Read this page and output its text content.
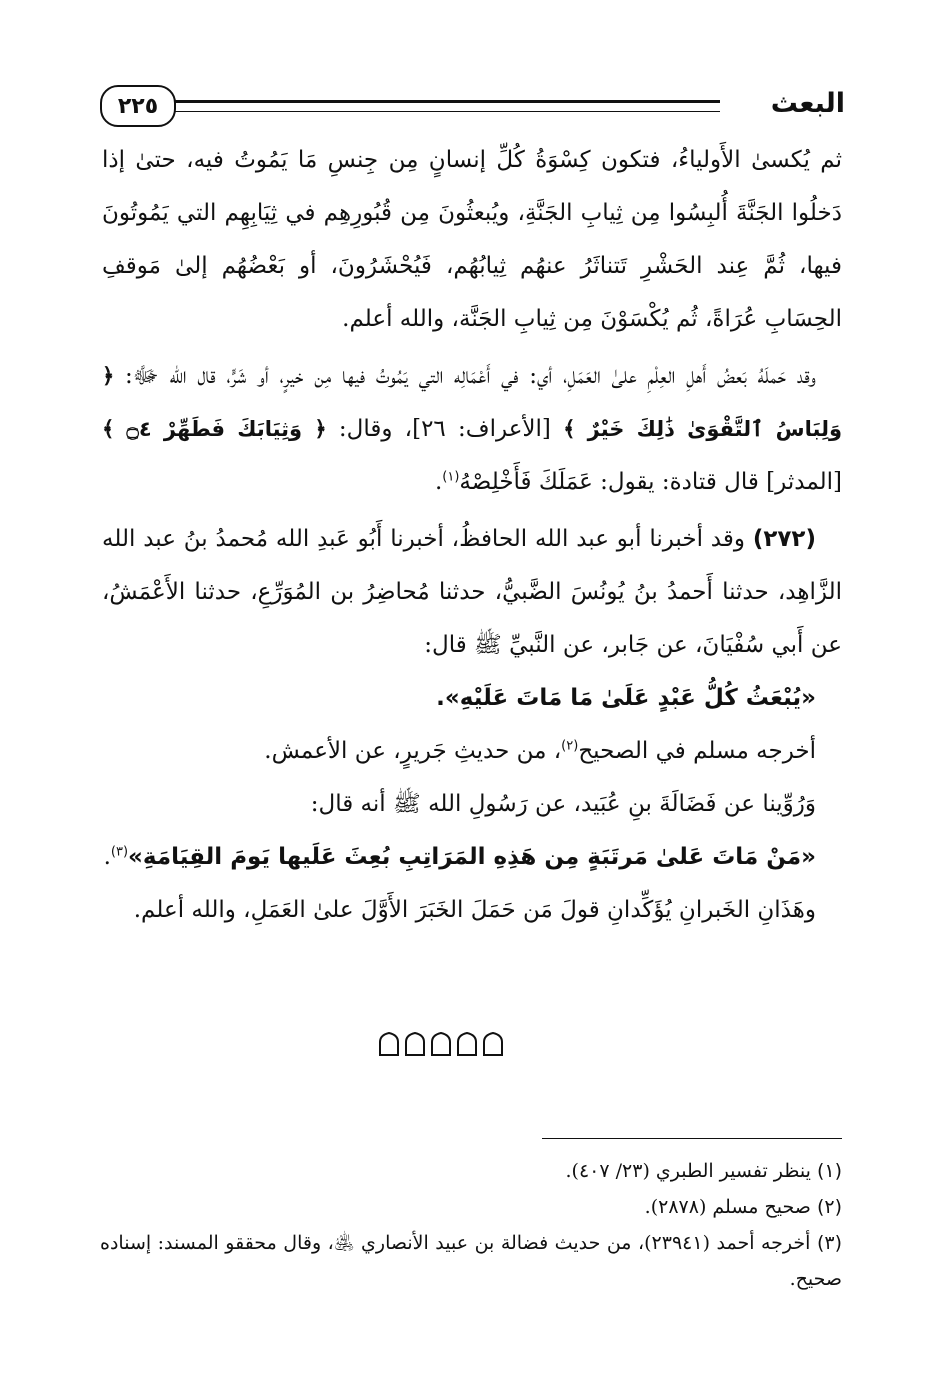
٢٢٥	البعث

ثم يُكسىٰ الأَولياءُ، فتكون كِسْوَةُ كُلِّ إنسانٍ مِن جِنسِ مَا يَمُوتُ فيه، حتىٰ إذا دَخلُوا الجَنَّةَ أُلبِسُوا مِن ثِيابِ الجَنَّةِ، ويُبعثُونَ مِن قُبُورِهِم في ثِيَابِهِم التي يَمُوتُونَ فيها، ثُمَّ عِند الحَشْرِ تَتناثَرُ عنهُم ثِيابُهُم، فَيُحْشَرُونَ، أو بَعْضُهُم إلىٰ مَوقفِ الحِسَابِ عُرَاةً، ثُم يُكْسَوْنَ مِن ثِيابِ الجَنَّة، والله أعلم.

وقد حَملَهُ بَعضُ أَهلِ العِلْمِ علىٰ العَمَلِ، أي: في أَعْمَالِه التي يَمُوتُ فيها مِن خيرٍ، أو شَرٍّ، قال الله ﷻ: ﴿ وَلِبَاسُ ٱلتَّقْوَىٰ ذَٰلِكَ خَيْرٌ ﴾ [الأعراف: ٢٦]، وقال: ﴿ وَثِيَابَكَ فَطَهِّرْ ۝٤ ﴾ [المدثر] قال قتادة: يقول: عَمَلَكَ فَأَخْلِصْهُ$^{(١)}$.

(٢٧٢) وقد أخبرنا أبو عبد الله الحافظُ، أخبرنا أَبُو عَبدِ الله مُحمدُ بنُ عبد الله الزَّاهِد، حدثنا أَحمدُ بنُ يُونُسَ الضَّبيُّ، حدثنا مُحاضِرُ بن المُوَرِّعِ، حدثنا الأَعْمَشُ، عن أَبي سُفْيَانَ، عن جَابر، عن النَّبيِّ ﷺ قال:

«يُبْعَثُ كُلُّ عَبْدٍ عَلَىٰ مَا مَاتَ عَلَيْهِ».

أخرجه مسلم في الصحيح$^{(٢)}$، من حديثِ جَريرٍ، عن الأعمش.

وَرُوِّينا عن فَضَالَةَ بنِ عُبَيد، عن رَسُولِ الله ﷺ أنه قال:

«مَنْ مَاتَ عَلىٰ مَرتَبَةٍ مِن هَذِهِ المَرَاتِبِ بُعِثَ عَلَيها يَومَ القِيَامَةِ»$^{(٣)}$.

وهَذَانِ الخَبرانِ يُؤَكِّدانِ قولَ مَن حَمَلَ الخَبَرَ الأَوَّلَ علىٰ العَمَلِ، والله أعلم.

(١) ينظر تفسير الطبري (٢٣/ ٤٠٧).

(٢) صحيح مسلم (٢٨٧٨).

(٣) أخرجه أحمد (٢٣٩٤١)، من حديث فضالة بن عبيد الأنصاري ﵁، وقال محققو المسند: إسناده صحيح.
